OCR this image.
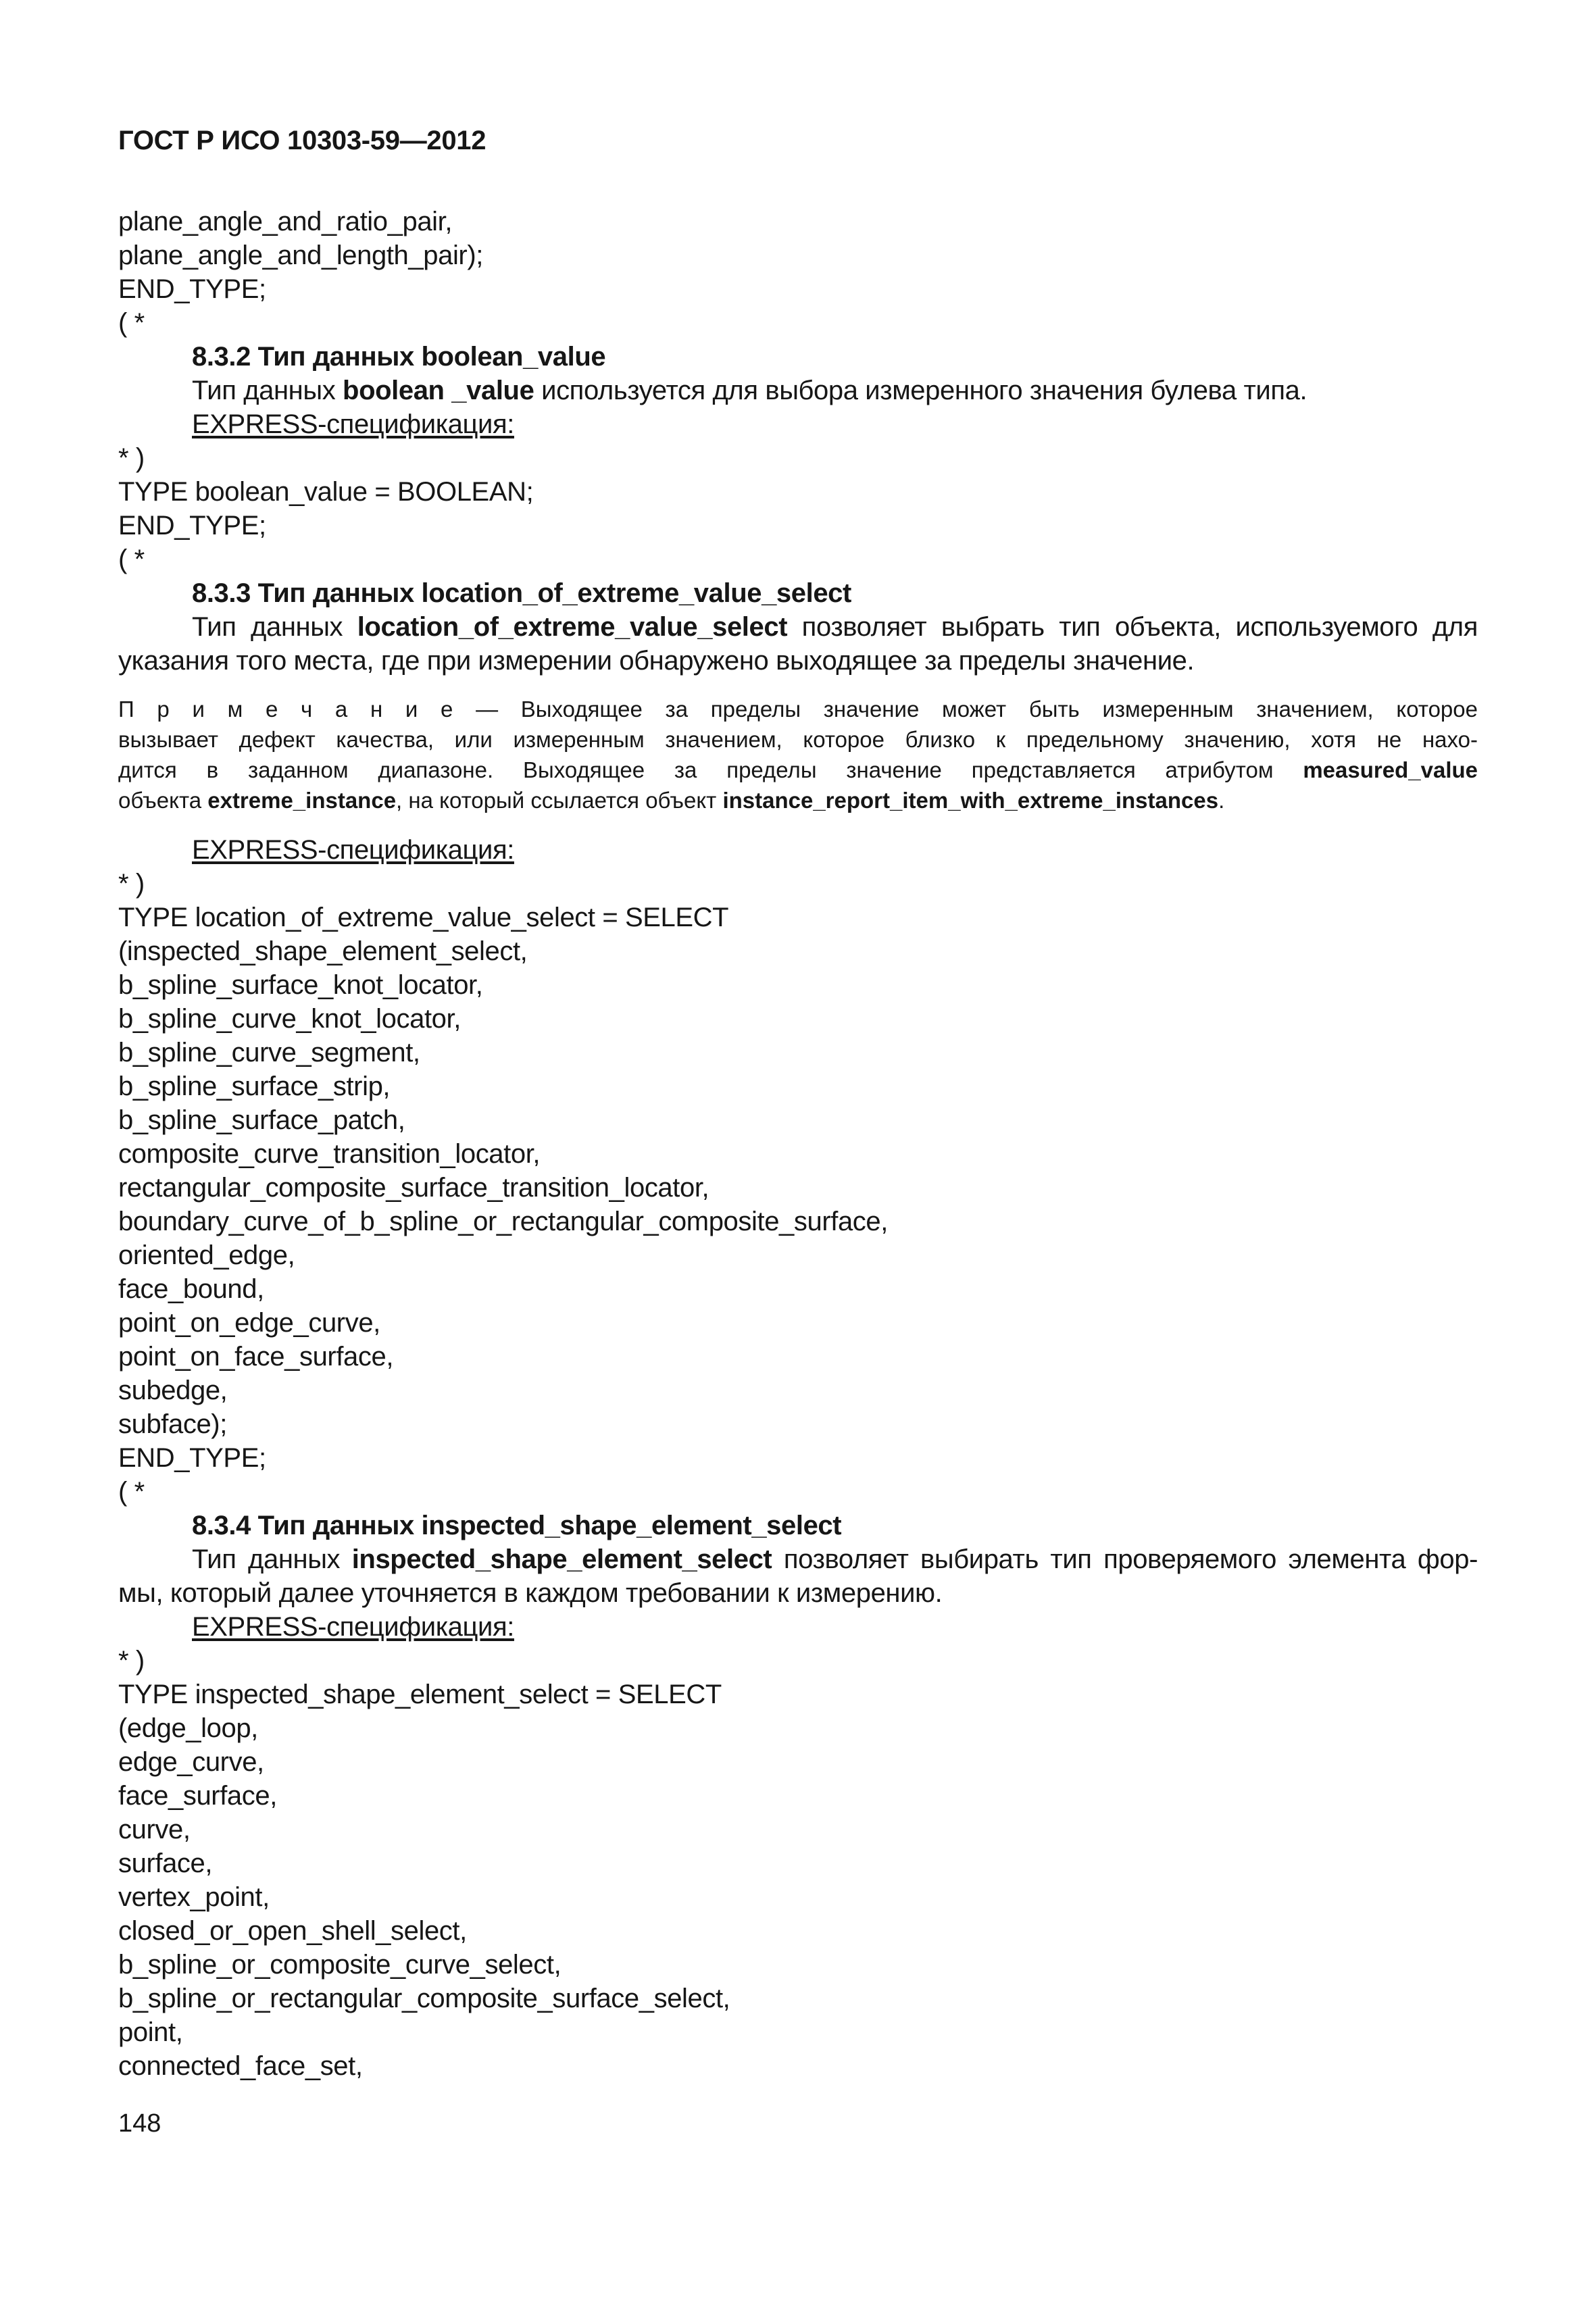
ГОСТ Р ИСО 10303-59—2012
plane_angle_and_ratio_pair,
plane_angle_and_length_pair);
END_TYPE;
( *
8.3.2 Тип данных boolean_value
Тип данных boolean _value используется для выбора измеренного значения булева типа.
EXPRESS-спецификация:
* )
TYPE boolean_value = BOOLEAN;
END_TYPE;
( *
8.3.3 Тип данных location_of_extreme_value_select
Тип данных location_of_extreme_value_select позволяет выбрать тип объекта, используемого для
указания того места, где при измерении обнаружено выходящее за пределы значение.
П р и м е ч а н и е — Выходящее за пределы значение может быть измеренным значением, которое
вызывает дефект качества, или измеренным значением, которое близко к предельному значению, хотя не нахо-
дится в заданном диапазоне. Выходящее за пределы значение представляется атрибутом measured_value
объекта extreme_instance, на который ссылается объект instance_report_item_with_extreme_instances.
EXPRESS-спецификация:
* )
TYPE location_of_extreme_value_select = SELECT
(inspected_shape_element_select,
b_spline_surface_knot_locator,
b_spline_curve_knot_locator,
b_spline_curve_segment,
b_spline_surface_strip,
b_spline_surface_patch,
composite_curve_transition_locator,
rectangular_composite_surface_transition_locator,
boundary_curve_of_b_spline_or_rectangular_composite_surface,
oriented_edge,
face_bound,
point_on_edge_curve,
point_on_face_surface,
subedge,
subface);
END_TYPE;
( *
8.3.4 Тип данных inspected_shape_element_select
Тип данных inspected_shape_element_select позволяет выбирать тип проверяемого элемента фор-
мы, который далее уточняется в каждом требовании к измерению.
EXPRESS-спецификация:
* )
TYPE inspected_shape_element_select = SELECT
(edge_loop,
edge_curve,
face_surface,
curve,
surface,
vertex_point,
closed_or_open_shell_select,
b_spline_or_composite_curve_select,
b_spline_or_rectangular_composite_surface_select,
point,
connected_face_set,
148
